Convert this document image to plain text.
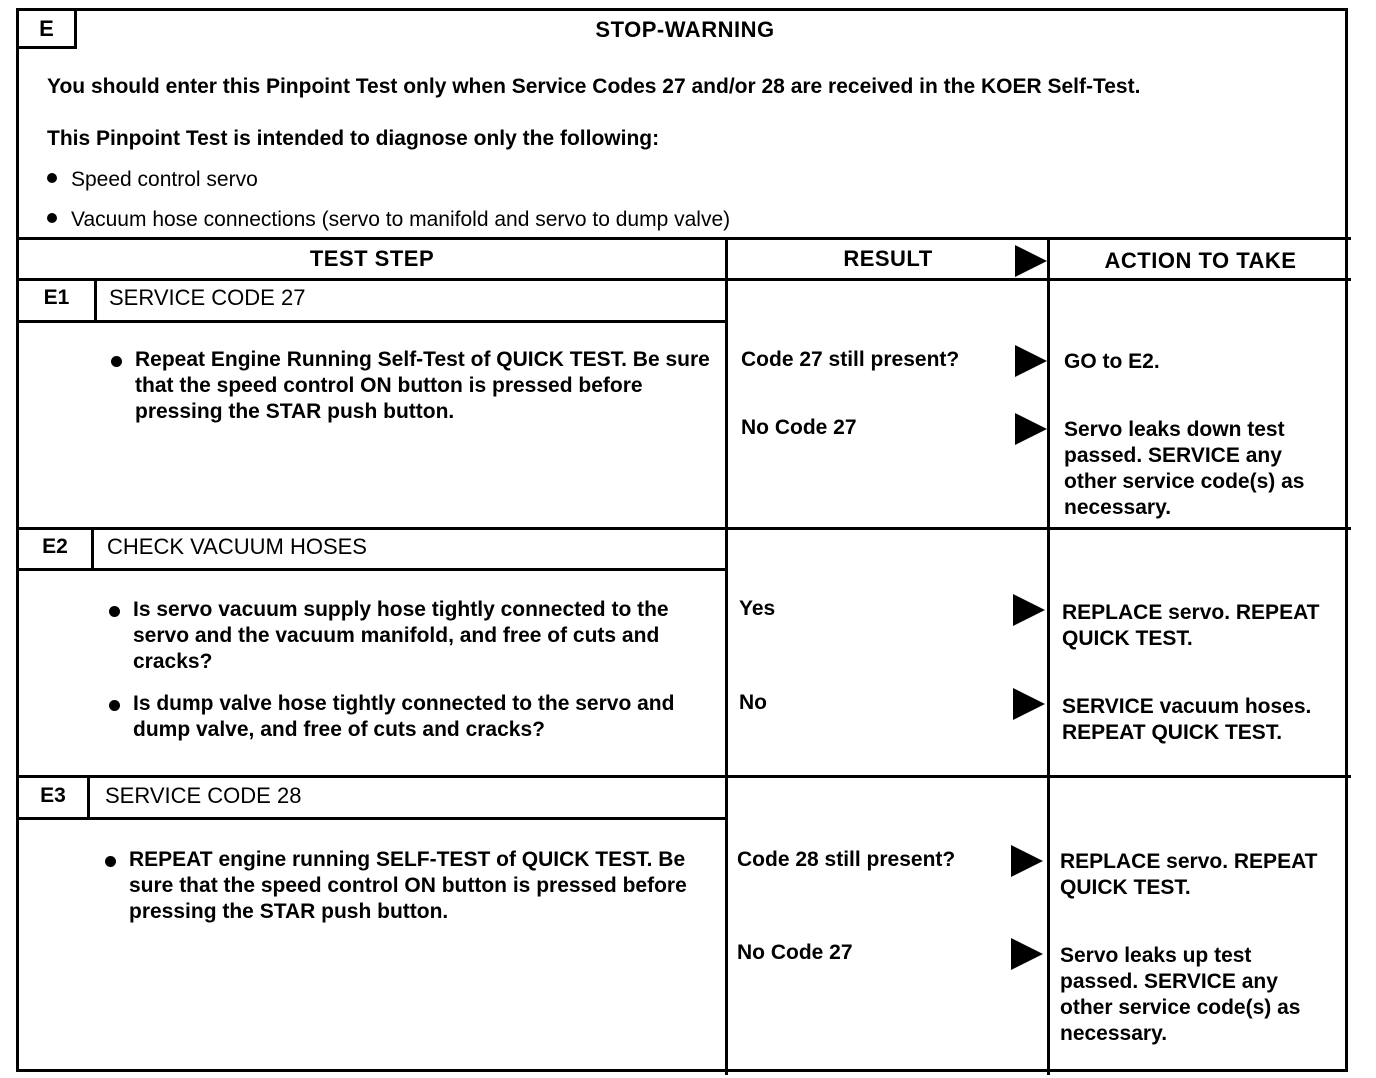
E	STOP-WARNING
You should enter this Pinpoint Test only when Service Codes 27 and/or 28 are received in the KOER Self-Test.
This Pinpoint Test is intended to diagnose only the following:
Speed control servo
Vacuum hose connections (servo to manifold and servo to dump valve)
TEST STEP	RESULT	ACTION TO TAKE
E1	SERVICE CODE 27
Repeat Engine Running Self-Test of QUICK TEST. Be sure that the speed control ON button is pressed before pressing the STAR push button.
Code 27 still present?	GO to E2.
No Code 27	Servo leaks down test passed. SERVICE any other service code(s) as necessary.
E2	CHECK VACUUM HOSES
Is servo vacuum supply hose tightly connected to the servo and the vacuum manifold, and free of cuts and cracks?
Is dump valve hose tightly connected to the servo and dump valve, and free of cuts and cracks?
Yes	REPLACE servo. REPEAT QUICK TEST.
No	SERVICE vacuum hoses. REPEAT QUICK TEST.
E3	SERVICE CODE 28
REPEAT engine running SELF-TEST of QUICK TEST. Be sure that the speed control ON button is pressed before pressing the STAR push button.
Code 28 still present?	REPLACE servo. REPEAT QUICK TEST.
No Code 27	Servo leaks up test passed. SERVICE any other service code(s) as necessary.
